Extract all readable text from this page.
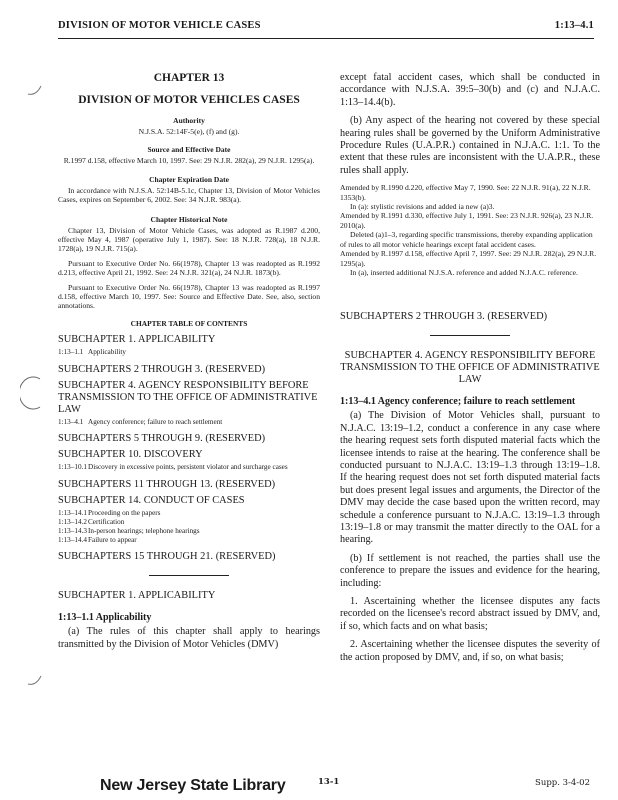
DIVISION OF MOTOR VEHICLE CASES	1:13–4.1
CHAPTER 13
DIVISION OF MOTOR VEHICLES CASES
Authority
N.J.S.A. 52:14F-5(e), (f) and (g).
Source and Effective Date
R.1997 d.158, effective March 10, 1997. See: 29 N.J.R. 282(a), 29 N.J.R. 1295(a).
Chapter Expiration Date
In accordance with N.J.S.A. 52:14B-5.1c, Chapter 13, Division of Motor Vehicles Cases, expires on September 6, 2002. See: 34 N.J.R. 983(a).
Chapter Historical Note
Chapter 13, Division of Motor Vehicle Cases, was adopted as R.1987 d.200, effective May 4, 1987 (operative July 1, 1987). See: 18 N.J.R. 728(a), 18 N.J.R. 1728(a), 19 N.J.R. 715(a).
Pursuant to Executive Order No. 66(1978), Chapter 13 was readopted as R.1992 d.213, effective April 21, 1992. See: 24 N.J.R. 321(a), 24 N.J.R. 1873(b).
Pursuant to Executive Order No. 66(1978), Chapter 13 was readopted as R.1997 d.158, effective March 10, 1997. See: Source and Effective Date. See, also, section annotations.
CHAPTER TABLE OF CONTENTS
SUBCHAPTER 1. APPLICABILITY
1:13–1.1 Applicability
SUBCHAPTERS 2 THROUGH 3. (RESERVED)
SUBCHAPTER 4. AGENCY RESPONSIBILITY BEFORE TRANSMISSION TO THE OFFICE OF ADMINISTRATIVE LAW
1:13–4.1 Agency conference; failure to reach settlement
SUBCHAPTERS 5 THROUGH 9. (RESERVED)
SUBCHAPTER 10. DISCOVERY
1:13–10.1 Discovery in excessive points, persistent violator and surcharge cases
SUBCHAPTERS 11 THROUGH 13. (RESERVED)
SUBCHAPTER 14. CONDUCT OF CASES
1:13–14.1 Proceeding on the papers
1:13–14.2 Certification
1:13–14.3 In-person hearings; telephone hearings
1:13–14.4 Failure to appear
SUBCHAPTERS 15 THROUGH 21. (RESERVED)
SUBCHAPTER 1. APPLICABILITY
1:13–1.1 Applicability

(a) The rules of this chapter shall apply to hearings transmitted by the Division of Motor Vehicles (DMV)

except fatal accident cases, which shall be conducted in accordance with N.J.S.A. 39:5–30(b) and (c) and N.J.A.C. 1:13–14.4(b).

(b) Any aspect of the hearing not covered by these special hearing rules shall be governed by the Uniform Administrative Procedure Rules (U.A.P.R.) contained in N.J.A.C. 1:1. To the extent that these rules are inconsistent with the U.A.P.R., these rules shall apply.

Amended by R.1990 d.220, effective May 7, 1990. See: 22 N.J.R. 91(a), 22 N.J.R. 1353(b).
In (a): stylistic revisions and added ia new (a)3.
Amended by R.1991 d.330, effective July 1, 1991. See: 23 N.J.R. 926(a), 23 N.J.R. 2010(a).
Deleted (a)1–3, regarding specific transmissions, thereby expanding application of rules to all motor vehicle hearings except fatal accident cases.
Amended by R.1997 d.158, effective April 7, 1997. See: 29 N.J.R. 282(a), 29 N.J.R. 1295(a).
In (a), inserted additional N.J.S.A. reference and added N.J.A.C. reference.
SUBCHAPTERS 2 THROUGH 3. (RESERVED)
SUBCHAPTER 4. AGENCY RESPONSIBILITY BEFORE TRANSMISSION TO THE OFFICE OF ADMINISTRATIVE LAW
1:13–4.1 Agency conference; failure to reach settlement

(a) The Division of Motor Vehicles shall, pursuant to N.J.A.C. 13:19–1.2, conduct a conference in any case where the hearing request sets forth disputed material facts which the licensee intends to raise at the hearing. The conference shall be conducted pursuant to N.J.A.C. 13:19–1.3 through 13:19–1.8. If the hearing request does not set forth disputed material facts but does present legal issues and arguments, the Director of the DMV may decide the case based upon the written record, may schedule a conference pursuant to N.J.A.C. 13:19–1.3 through 13:19–1.8 or may transmit the matter directly to the OAL for a hearing.

(b) If settlement is not reached, the parties shall use the conference to prepare the issues and evidence for the hearing, including:

1. Ascertaining whether the licensee disputes any facts recorded on the licensee's record abstract issued by DMV, and, if so, which facts and on what basis;

2. Ascertaining whether the licensee disputes the severity of the action proposed by DMV, and, if so, on what basis;

New Jersey State Library	13-1	Supp. 3-4-02
